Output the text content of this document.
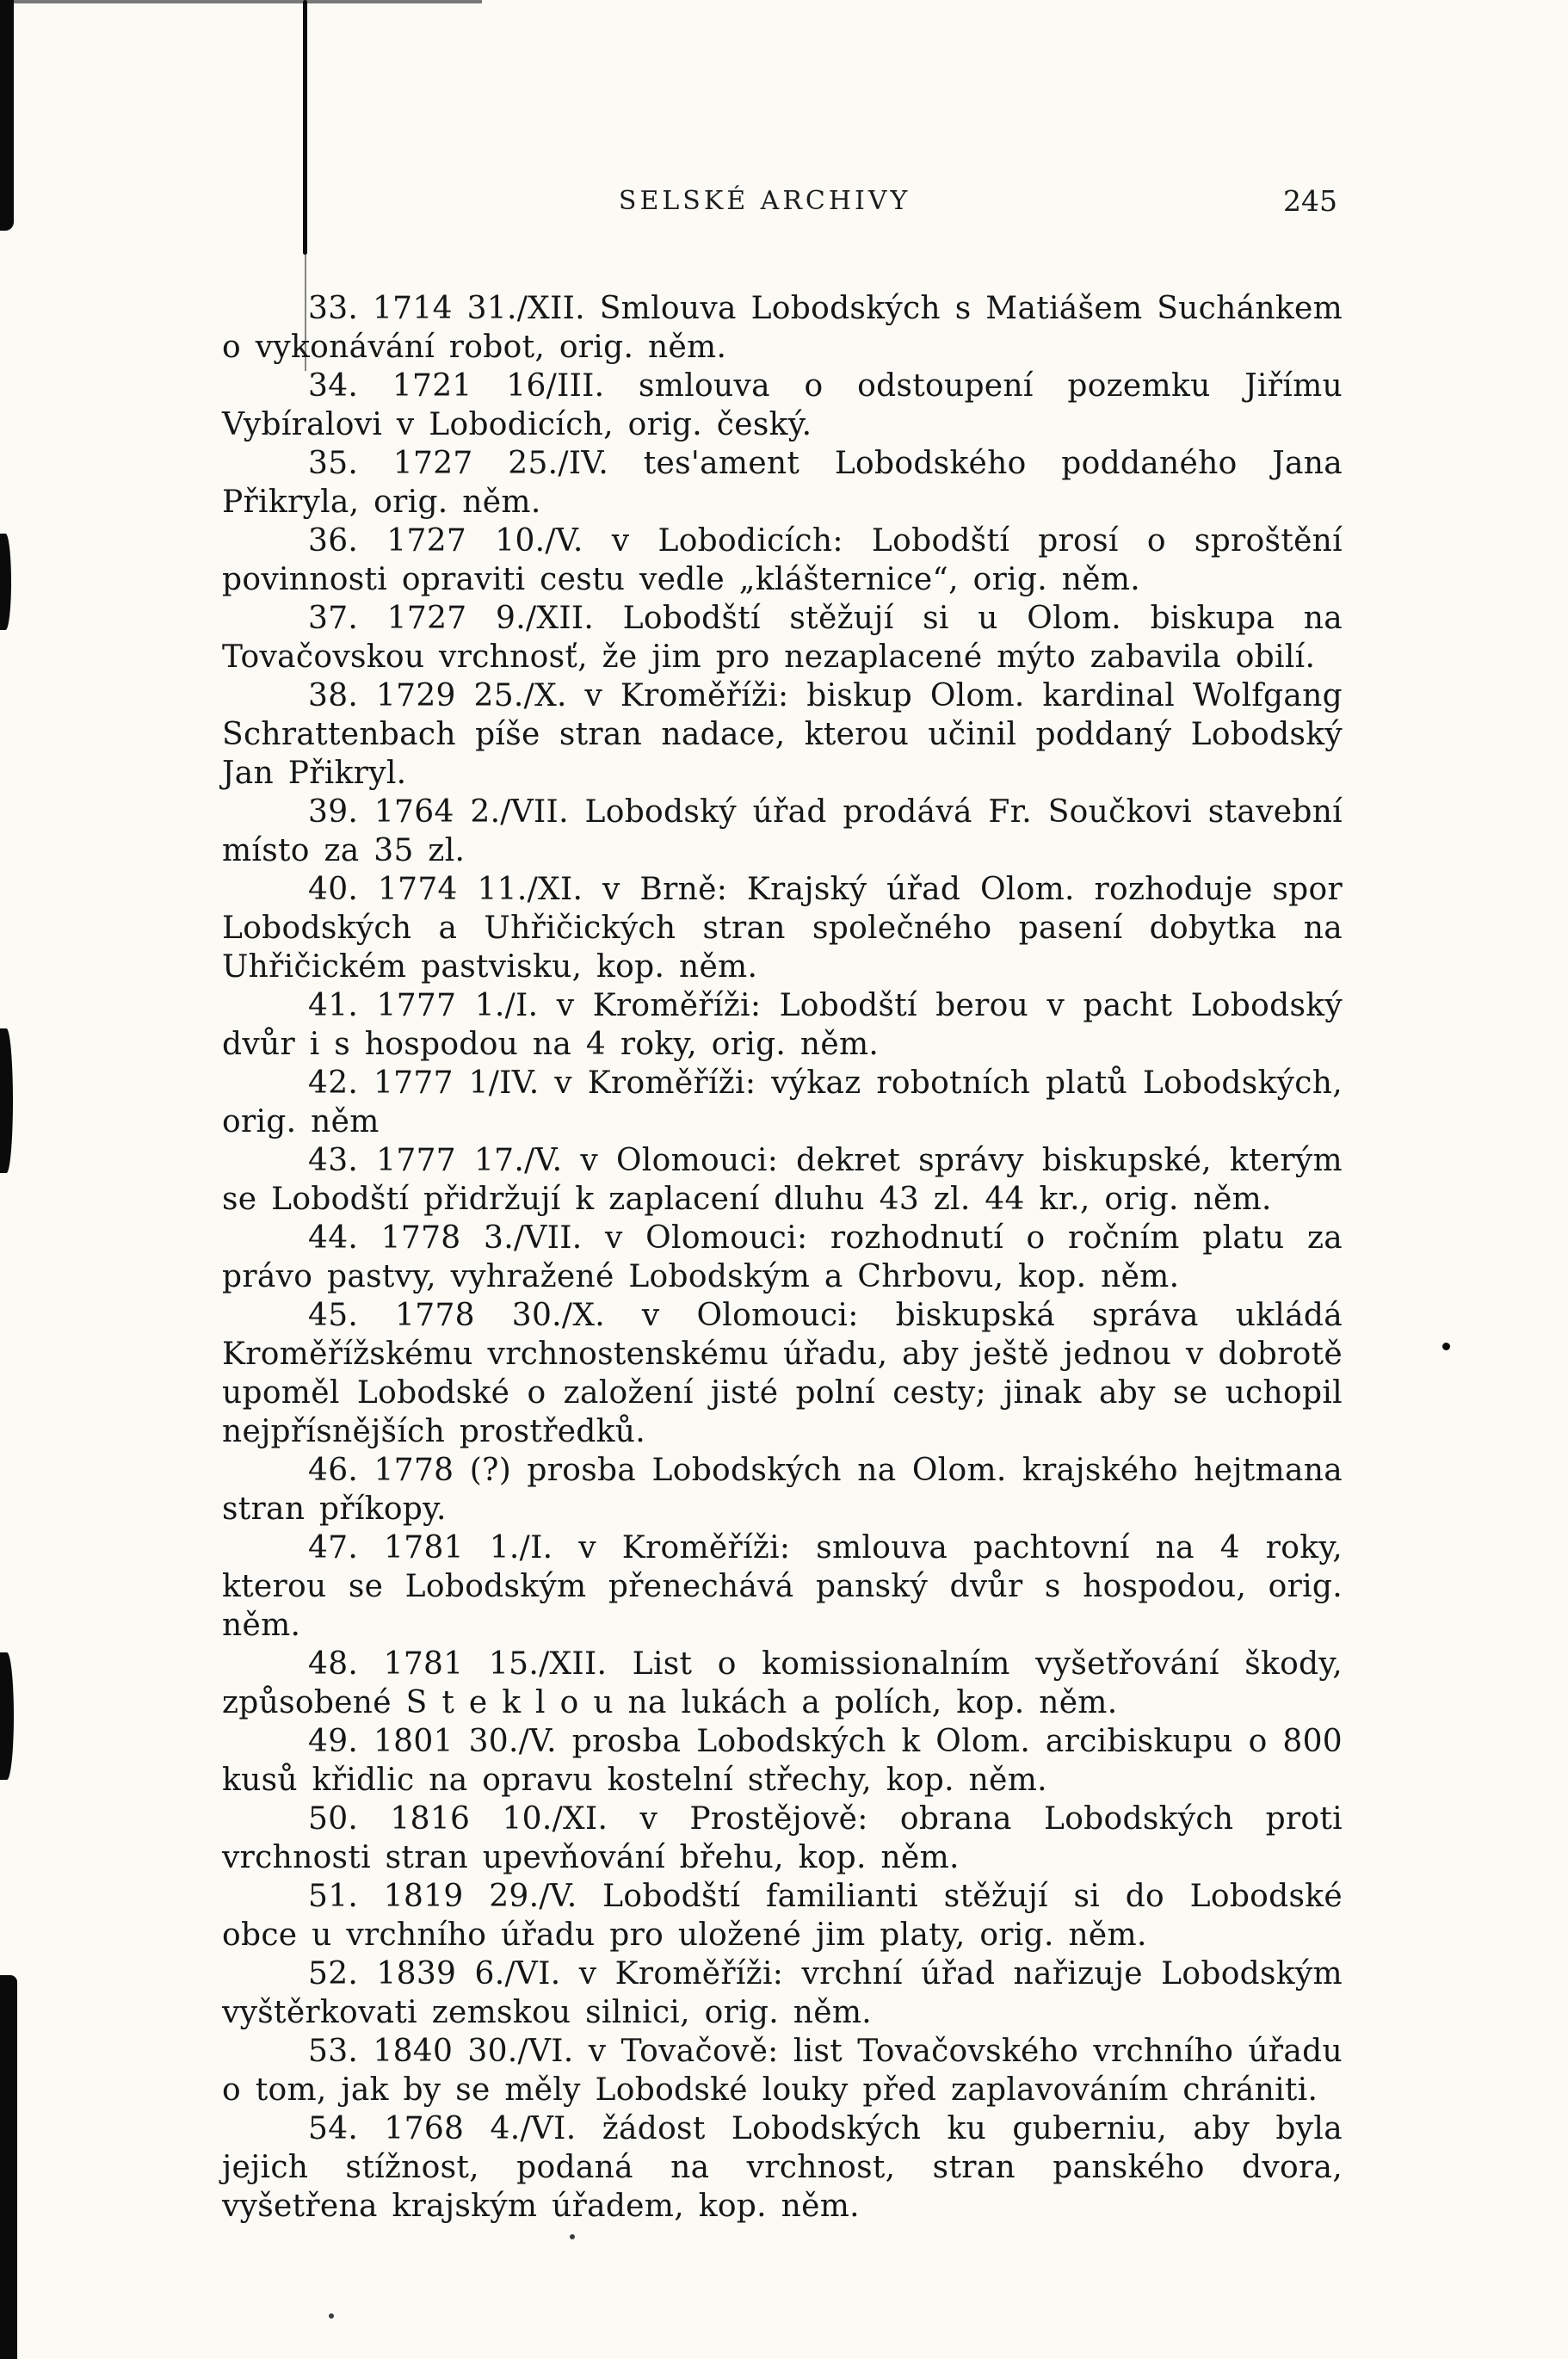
SELSKÉ ARCHIVY	245

33. 1714 31./XII. Smlouva Lobodských s Matiášem Suchánkem o vykonávání robot, orig. něm.

34. 1721 16/III. smlouva o odstoupení pozemku Jiřímu Vybíralovi v Lobodicích, orig. český.

35. 1727 25./IV. tes'ament Lobodského poddaného Jana Přikryla, orig. něm.

36. 1727 10./V. v Lobodicích: Lobodští prosí o sproštění povinnosti opraviti cestu vedle „klášternice“, orig. něm.

37. 1727 9./XII. Lobodští stěžují si u Olom. biskupa na Tovačovskou vrchnosť, že jim pro nezaplacené mýto zabavila obilí.

38. 1729 25./X. v Kroměříži: biskup Olom. kardinal Wolfgang Schrattenbach píše stran nadace, kterou učinil poddaný Lobodský Jan Přikryl.

39. 1764 2./VII. Lobodský úřad prodává Fr. Součkovi stavební místo za 35 zl.

40. 1774 11./XI. v Brně: Krajský úřad Olom. rozhoduje spor Lobodských a Uhřičických stran společného pasení dobytka na Uhřičickém pastvisku, kop. něm.

41. 1777 1./I. v Kroměříži: Lobodští berou v pacht Lobodský dvůr i s hospodou na 4 roky, orig. něm.

42. 1777 1/IV. v Kroměříži: výkaz robotních platů Lobodských, orig. něm

43. 1777 17./V. v Olomouci: dekret správy biskupské, kterým se Lobodští přidržují k zaplacení dluhu 43 zl. 44 kr., orig. něm.

44. 1778 3./VII. v Olomouci: rozhodnutí o ročním platu za právo pastvy, vyhražené Lobodským a Chrbovu, kop. něm.

45. 1778 30./X. v Olomouci: biskupská správa ukládá Kroměřížskému vrchnostenskému úřadu, aby ještě jednou v dobrotě upoměl Lobodské o založení jisté polní cesty; jinak aby se uchopil nejpřísnějších prostředků.

46. 1778 (?) prosba Lobodských na Olom. krajského hejtmana stran příkopy.

47. 1781 1./I. v Kroměříži: smlouva pachtovní na 4 roky, kterou se Lobodským přenechává panský dvůr s hospodou, orig. něm.

48. 1781 15./XII. List o komissionalním vyšetřování škody, způsobené S t e k l o u na lukách a polích, kop. něm.

49. 1801 30./V. prosba Lobodských k Olom. arcibiskupu o 800 kusů křidlic na opravu kostelní střechy, kop. něm.

50. 1816 10./XI. v Prostějově: obrana Lobodských proti vrchnosti stran upevňování břehu, kop. něm.

51. 1819 29./V. Lobodští familianti stěžují si do Lobodské obce u vrchního úřadu pro uložené jim platy, orig. něm.

52. 1839 6./VI. v Kroměříži: vrchní úřad nařizuje Lobodským vyštěrkovati zemskou silnici, orig. něm.

53. 1840 30./VI. v Tovačově: list Tovačovského vrchního úřadu o tom, jak by se měly Lobodské louky před zaplavováním chrániti.

54. 1768 4./VI. žádost Lobodských ku guberniu, aby byla jejich stížnost, podaná na vrchnost, stran panského dvora, vyšetřena krajským úřadem, kop. něm.
